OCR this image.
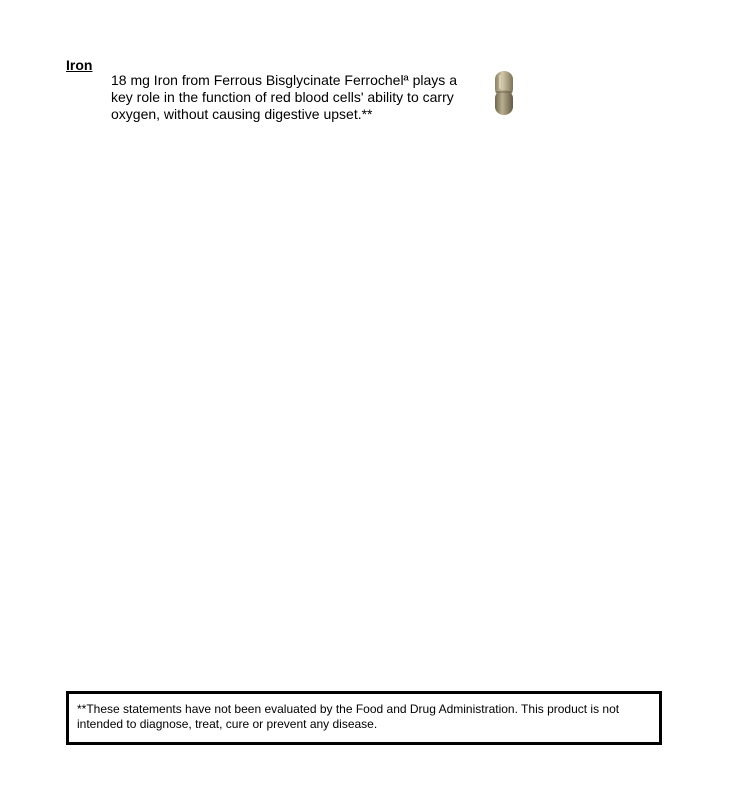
Iron
18 mg Iron from Ferrous Bisglycinate Ferrochelª plays a key role in the function of red blood cells' ability to carry oxygen, without causing digestive upset.**
**These statements have not been evaluated by the Food and Drug Administration. This product is not intended to diagnose, treat, cure or prevent any disease.
